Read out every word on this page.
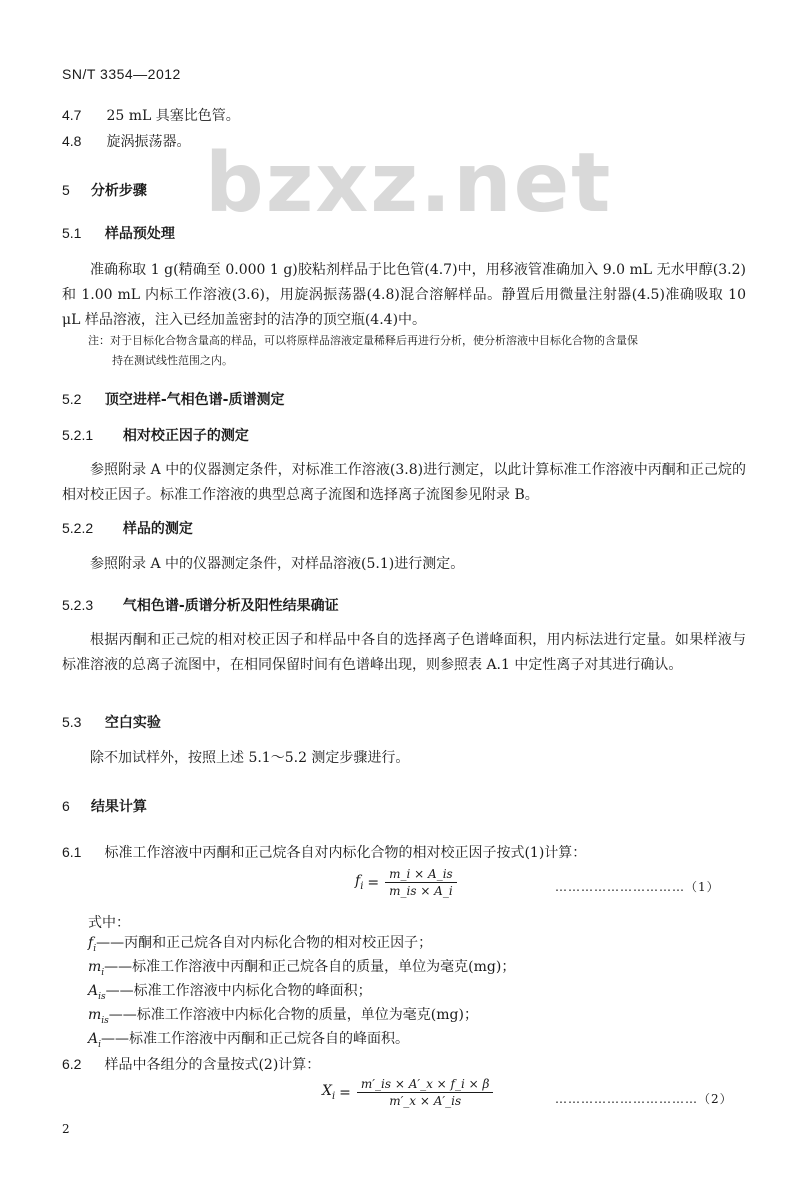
SN/T 3354—2012
bzxz.net
4.7 25 mL 具塞比色管。
4.8 旋涡振荡器。
5 分析步骤
5.1 样品预处理
准确称取 1 g(精确至 0.000 1 g)胶粘剂样品于比色管(4.7)中，用移液管准确加入 9.0 mL 无水甲醇(3.2)和 1.00 mL 内标工作溶液(3.6)，用旋涡振荡器(4.8)混合溶解样品。静置后用微量注射器(4.5)准确吸取 10 μL 样品溶液，注入已经加盖密封的洁净的顶空瓶(4.4)中。
注：对于目标化合物含量高的样品，可以将原样品溶液定量稀释后再进行分析，使分析溶液中目标化合物的含量保
持在测试线性范围之内。
5.2 顶空进样-气相色谱-质谱测定
5.2.1 相对校正因子的测定
参照附录 A 中的仪器测定条件，对标准工作溶液(3.8)进行测定，以此计算标准工作溶液中丙酮和正己烷的相对校正因子。标准工作溶液的典型总离子流图和选择离子流图参见附录 B。
5.2.2 样品的测定
参照附录 A 中的仪器测定条件，对样品溶液(5.1)进行测定。
5.2.3 气相色谱-质谱分析及阳性结果确证
根据丙酮和正己烷的相对校正因子和样品中各自的选择离子色谱峰面积，用内标法进行定量。如果样液与标准溶液的总离子流图中，在相同保留时间有色谱峰出现，则参照表 A.1 中定性离子对其进行确认。
5.3 空白实验
除不加试样外，按照上述 5.1～5.2 测定步骤进行。
6 结果计算
6.1 标准工作溶液中丙酮和正己烷各自对内标化合物的相对校正因子按式(1)计算：
$f_i = \frac{m\_i \times A\_is}{m\_is \times A\_i}$	…………………………（1）
式中：
$f_i——$丙酮和正己烷各自对内标化合物的相对校正因子；
$m_i——$标准工作溶液中丙酮和正己烷各自的质量，单位为毫克(mg)；
$A_{is}——$标准工作溶液中内标化合物的峰面积；
$m_{is}——$标准工作溶液中内标化合物的质量，单位为毫克(mg)；
$A_i——$标准工作溶液中丙酮和正己烷各自的峰面积。
6.2 样品中各组分的含量按式(2)计算：
$X_i = \frac{m'\_is \times A'\_x \times f\_i \times \beta}{m'\_x \times A'\_is}$	……………………………（2）
2
